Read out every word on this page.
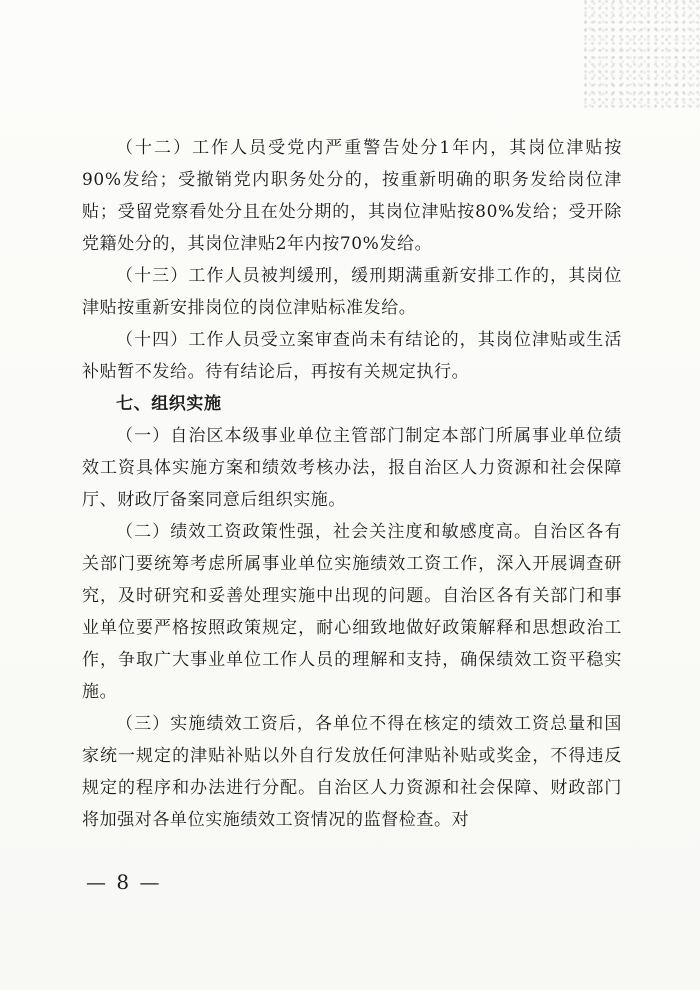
（十二）工作人员受党内严重警告处分1年内，其岗位津贴按90%发给；受撤销党内职务处分的，按重新明确的职务发给岗位津贴；受留党察看处分且在处分期的，其岗位津贴按80%发给；受开除党籍处分的，其岗位津贴2年内按70%发给。

（十三）工作人员被判缓刑，缓刑期满重新安排工作的，其岗位津贴按重新安排岗位的岗位津贴标准发给。

（十四）工作人员受立案审查尚未有结论的，其岗位津贴或生活补贴暂不发给。待有结论后，再按有关规定执行。

七、组织实施

（一）自治区本级事业单位主管部门制定本部门所属事业单位绩效工资具体实施方案和绩效考核办法，报自治区人力资源和社会保障厅、财政厅备案同意后组织实施。

（二）绩效工资政策性强，社会关注度和敏感度高。自治区各有关部门要统筹考虑所属事业单位实施绩效工资工作，深入开展调查研究，及时研究和妥善处理实施中出现的问题。自治区各有关部门和事业单位要严格按照政策规定，耐心细致地做好政策解释和思想政治工作，争取广大事业单位工作人员的理解和支持，确保绩效工资平稳实施。

（三）实施绩效工资后，各单位不得在核定的绩效工资总量和国家统一规定的津贴补贴以外自行发放任何津贴补贴或奖金，不得违反规定的程序和办法进行分配。自治区人力资源和社会保障、财政部门将加强对各单位实施绩效工资情况的监督检查。对

— 8 —
